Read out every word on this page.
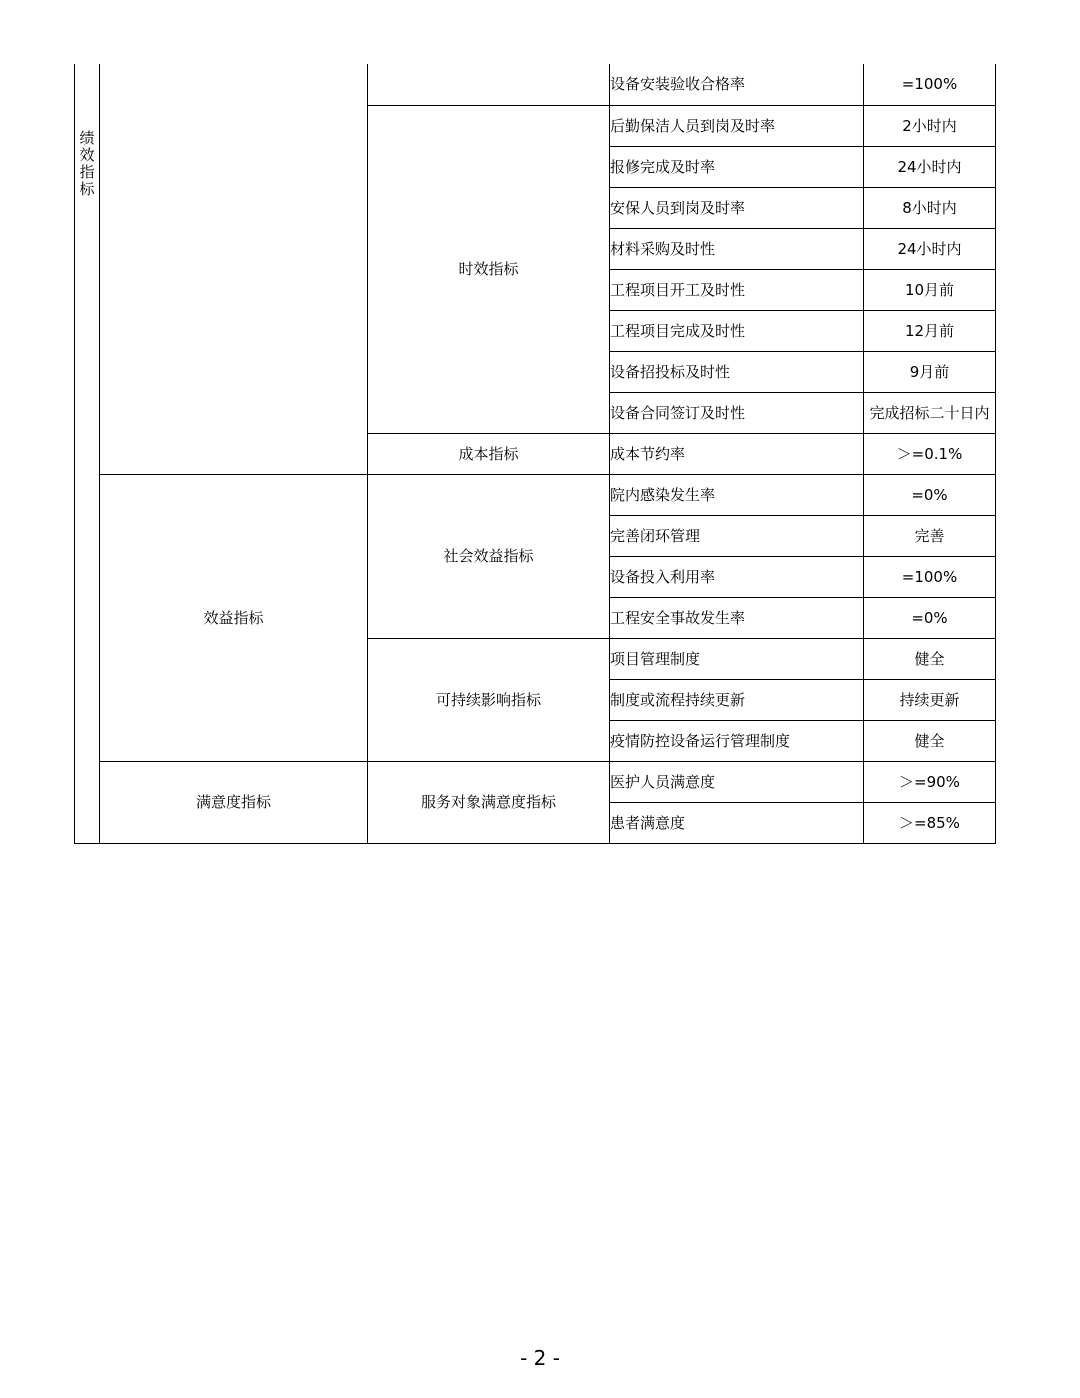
绩效指标			设备安装验收合格率	=100%
		时效指标	后勤保洁人员到岗及时率	2小时内
			报修完成及时率	24小时内
			安保人员到岗及时率	8小时内
			材料采购及时性	24小时内
			工程项目开工及时性	10月前
			工程项目完成及时性	12月前
			设备招投标及时性	9月前
			设备合同签订及时性	完成招标二十日内
		成本指标	成本节约率	＞=0.1%
	效益指标	社会效益指标	院内感染发生率	=0%
			完善闭环管理	完善
			设备投入利用率	=100%
			工程安全事故发生率	=0%
		可持续影响指标	项目管理制度	健全
			制度或流程持续更新	持续更新
			疫情防控设备运行管理制度	健全
	满意度指标	服务对象满意度指标	医护人员满意度	＞=90%
			患者满意度	＞=85%
- 2 -
